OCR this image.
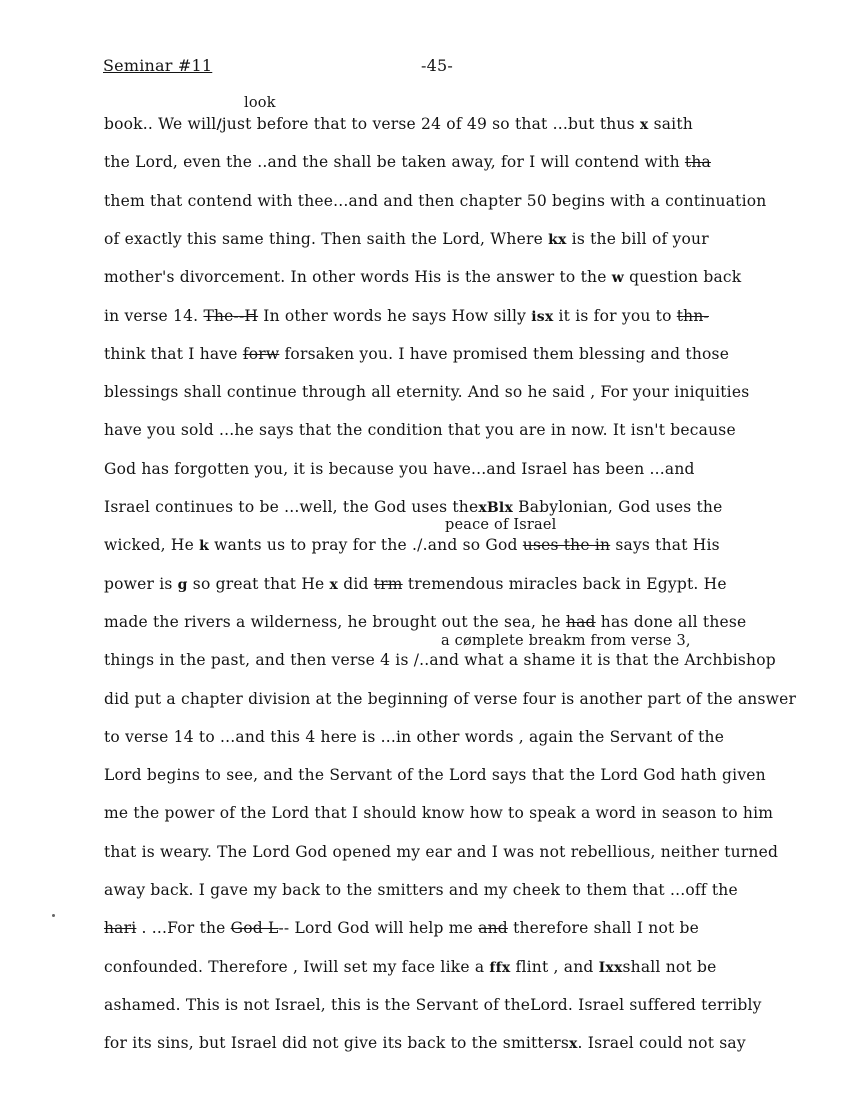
Seminar #11	-45-
look
peace of Israel
a cømplete breakm from verse 3,
book.. We will/just before that to verse 24 of 49 so that ...but thus x saith
the Lord, even the ..and the shall be taken away, for I will contend with tha
them that contend with thee...and and then chapter 50 begins with a continuation
of exactly this same thing. Then saith the Lord, Where kx is the bill of your
mother's divorcement. In other words His is the answer to the w question back
in verse 14. The--H In other words he says How silly isx it is for you to thn-
think that I have forw forsaken you. I have promised them blessing and those
blessings shall continue through all eternity. And so he said , For your iniquities
have you sold ...he says that the condition that you are in now. It isn't because
God has forgotten you, it is because you have...and Israel has been ...and
Israel continues to be ...well, the God uses thexBlx Babylonian, God uses the
wicked, He k wants us to pray for the ./.and so God uses the in says that His
power is g so great that He x did trm tremendous miracles back in Egypt. He
made the rivers a wilderness, he brought out the sea, he had has done all these
things in the past, and then verse 4 is /..and what a shame it is that the Archbishop
did put a chapter division at the beginning of verse four is another part of the answer
to verse 14 to ...and this 4 here is ...in other words , again the Servant of the
Lord begins to see, and the Servant of the Lord says that the Lord God hath given
me the power of the Lord that I should know how to speak a word in season to him
that is weary. The Lord God opened my ear and I was not rebellious, neither turned
away back. I gave my back to the smitters and my cheek to them that ...off the
hari . ...For the God L-- Lord God will help me and therefore shall I not be
confounded. Therefore , Iwill set my face like a ffx flint , and Ixxshall not be
ashamed. This is not Israel, this is the Servant of theLord. Israel suffered terribly
for its sins, but Israel did not give its back to the smittersx. Israel could not say
